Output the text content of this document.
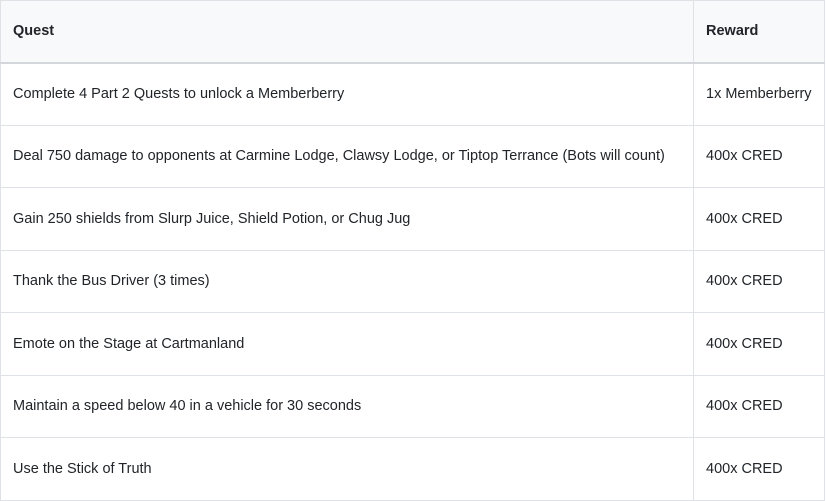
Quest	Reward
Complete 4 Part 2 Quests to unlock a Memberberry	1x Memberberry
Deal 750 damage to opponents at Carmine Lodge, Clawsy Lodge, or Tiptop Terrance (Bots will count)	400x CRED
Gain 250 shields from Slurp Juice, Shield Potion, or Chug Jug	400x CRED
Thank the Bus Driver (3 times)	400x CRED
Emote on the Stage at Cartmanland	400x CRED
Maintain a speed below 40 in a vehicle for 30 seconds	400x CRED
Use the Stick of Truth	400x CRED
